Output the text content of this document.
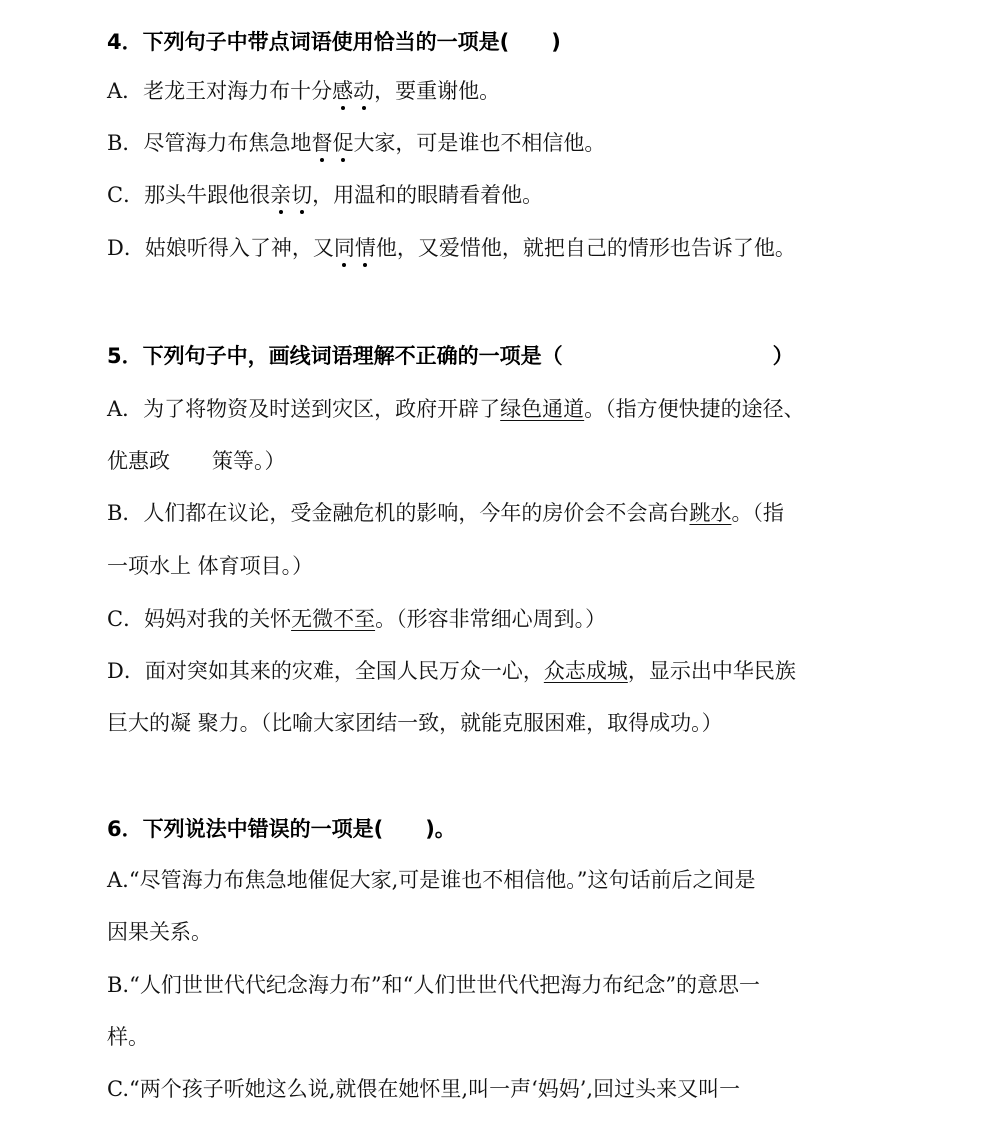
4．下列句子中带点词语使用恰当的一项是(　　)
A．老龙王对海力布十分感动，要重谢他。
B．尽管海力布焦急地督促大家，可是谁也不相信他。
C．那头牛跟他很亲切，用温和的眼睛看着他。
D．姑娘听得入了神，又同情他，又爱惜他，就把自己的情形也告诉了他。
5．下列句子中，画线词语理解不正确的一项是（　　　　　　　　　　）
A．为了将物资及时送到灾区，政府开辟了绿色通道。（指方便快捷的途径、
优惠政　　策等。）
B．人们都在议论，受金融危机的影响，今年的房价会不会高台跳水。（指
一项水上 体育项目。）
C．妈妈对我的关怀无微不至。（形容非常细心周到。）
D．面对突如其来的灾难，全国人民万众一心，众志成城，显示出中华民族
巨大的凝 聚力。（比喻大家团结一致，就能克服困难，取得成功。）
6．下列说法中错误的一项是(　　)。
A.“尽管海力布焦急地催促大家,可是谁也不相信他。”这句话前后之间是
因果关系。
B.“人们世世代代纪念海力布”和“人们世世代代把海力布纪念”的意思一
样。
C.“两个孩子听她这么说,就偎在她怀里,叫一声‘妈妈’,回过头来又叫一
